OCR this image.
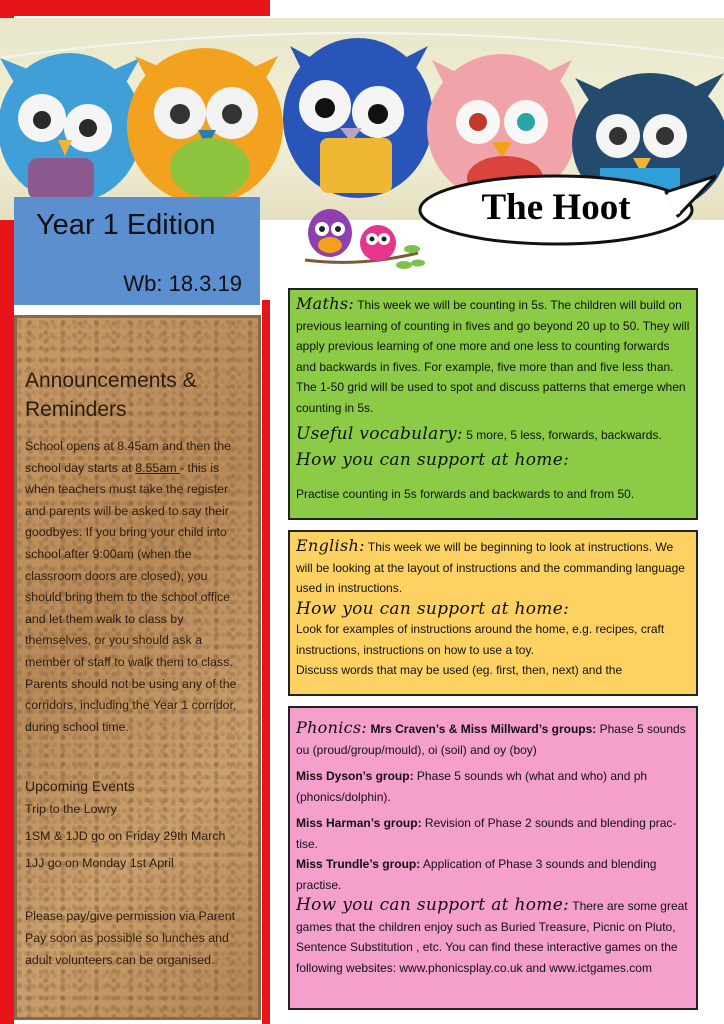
The Hoot
Year 1 Edition
Wb: 18.3.19
Announcements & Reminders

School opens at 8.45am and then the school day starts at 8.55am - this is when teachers must take the register and parents will be asked to say their goodbyes. If you bring your child into school after 9:00am (when the classroom doors are closed), you should bring them to the school office and let them walk to class by themselves, or you should ask a member of staff to walk them to class. Parents should not be using any of the corridors, including the Year 1 corridor, during school time.

Upcoming Events

Trip to the Lowry

1SM & 1JD go on Friday 29th March

1JJ go on Monday 1st April

Please pay/give permission via Parent Pay soon as possible so lunches and adult volunteers can be organised.

Maths: This week we will be counting in 5s. The children will build on previous learning of counting in fives and go beyond 20 up to 50. They will apply previous learning of one more and one less to counting forwards and backwards in fives. For example, five more than and five less than. The 1-50 grid will be used to spot and discuss patterns that emerge when counting in 5s.

Useful vocabulary: 5 more, 5 less, forwards, backwards.

How you can support at home:

Practise counting in 5s forwards and backwards to and from 50.

English: This week we will be beginning to look at instructions. We will be looking at the layout of instructions and the commanding language used in instructions.

How you can support at home:

Look for examples of instructions around the home, e.g. recipes, craft instructions, instructions on how to use a toy.

Discuss words that may be used (eg. first, then, next) and the

Phonics: Mrs Craven’s & Miss Millward’s groups: Phase 5 sounds ou (proud/group/mould), oi (soil) and oy (boy)

Miss Dyson’s group: Phase 5 sounds wh (what and who) and ph (phonics/dolphin).

Miss Harman’s group: Revision of Phase 2 sounds and blending prac-tise.

Miss Trundle’s group: Application of Phase 3 sounds and blending practise.

How you can support at home: There are some great games that the children enjoy such as Buried Treasure, Picnic on Pluto, Sentence Substitution , etc. You can find these interactive games on the following websites: www.phonicsplay.co.uk and www.ictgames.com
